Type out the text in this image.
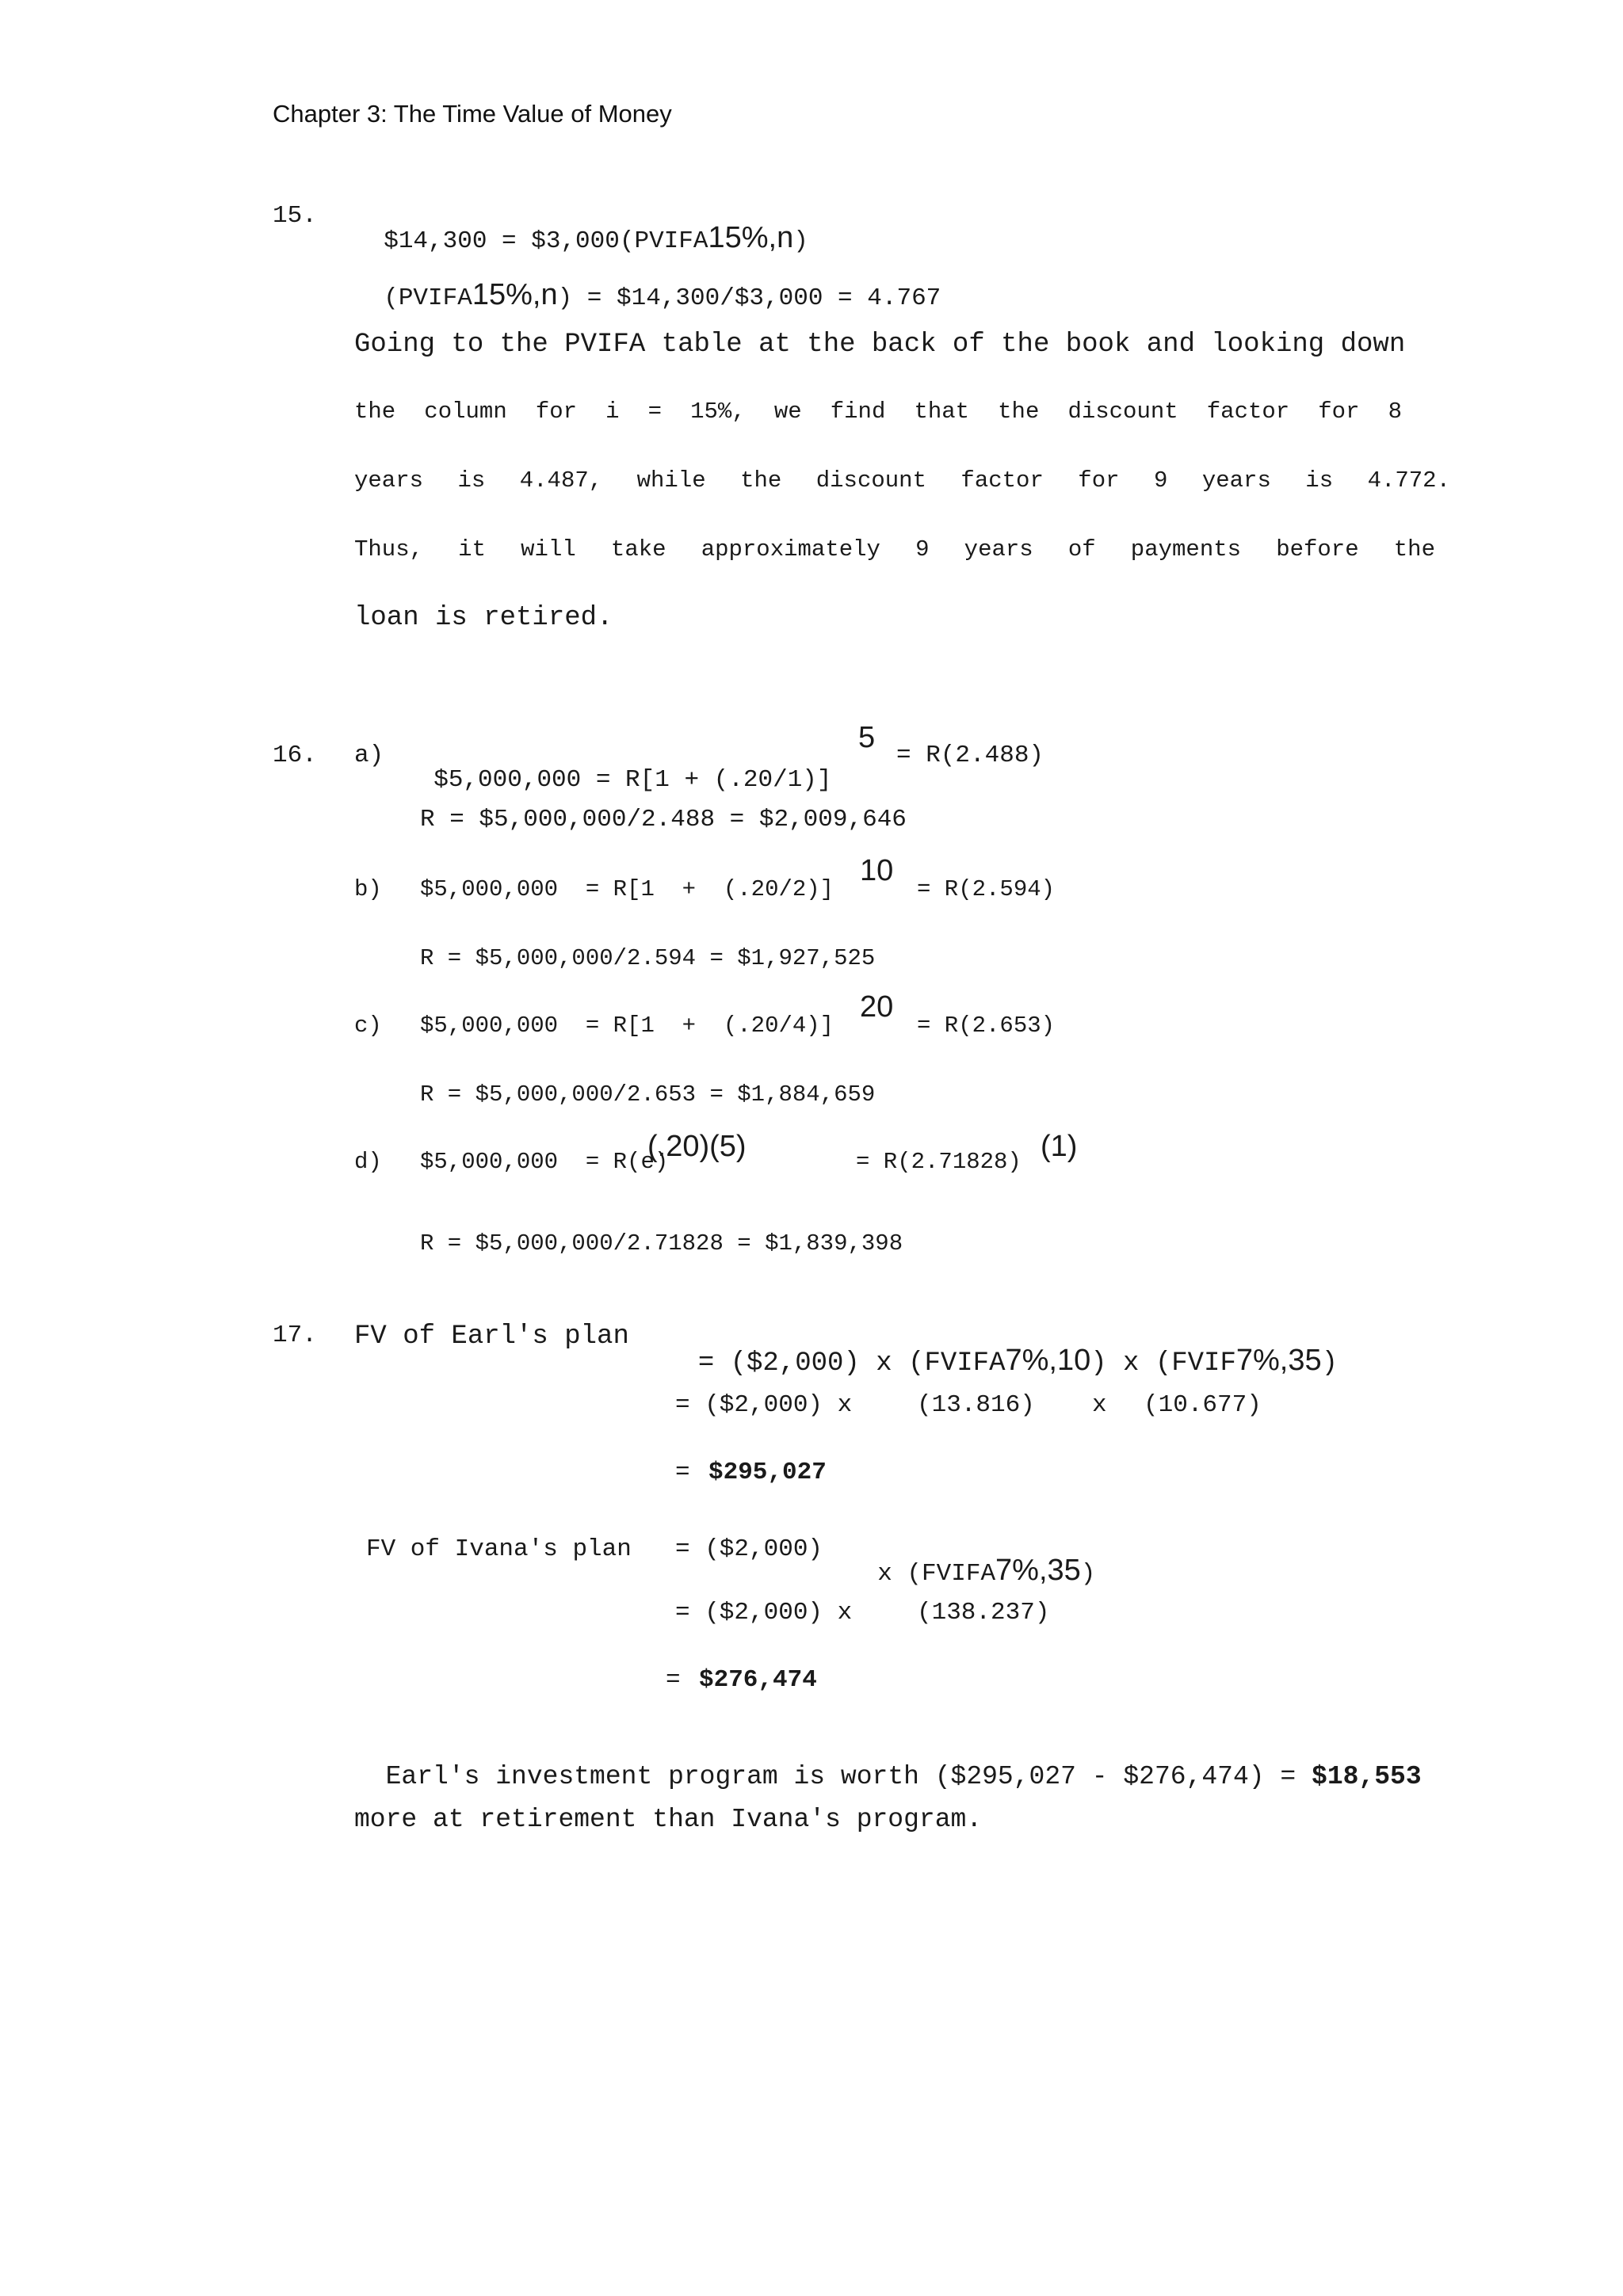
Chapter 3: The Time Value of Money
15.

$14,300 = $3,000(PVIFA15%,n)

(PVIFA15%,n) = $14,300/$3,000 = 4.767

Going to the PVIFA table at the back of the book and looking down
the column for i = 15%, we find that the discount factor for 8
years is 4.487, while the discount factor for 9 years is 4.772.
Thus, it will take approximately 9 years of payments before the
loan is retired.
16. a)

$5,000,000 = R[1 + (.20/1)]

5
= R(2.488)
R = $5,000,000/2.488 = $2,009,646
b) $5,000,000  = R[1  +  (.20/2)]
10
= R(2.594)
R = $5,000,000/2.594 = $1,927,525
c) $5,000,000  = R[1  +  (.20/4)]
20
= R(2.653)
R = $5,000,000/2.653 = $1,884,659
d) $5,000,000  = R(e)
(.20)(5)	= R(2.71828) (1)
R = $5,000,000/2.71828 = $1,839,398
17. FV of Earl's plan

= ($2,000) x (FVIFA7%,10) x (FVIF7%,35)

= ($2,000) x	(13.816) x (10.677)
= $295,027
FV of Ivana's plan = ($2,000)

x (FVIFA7%,35)

= ($2,000) x	(138.237)
= $276,474

Earl's investment program is worth ($295,027 - $276,474) = $18,553

more at retirement than Ivana's program.
